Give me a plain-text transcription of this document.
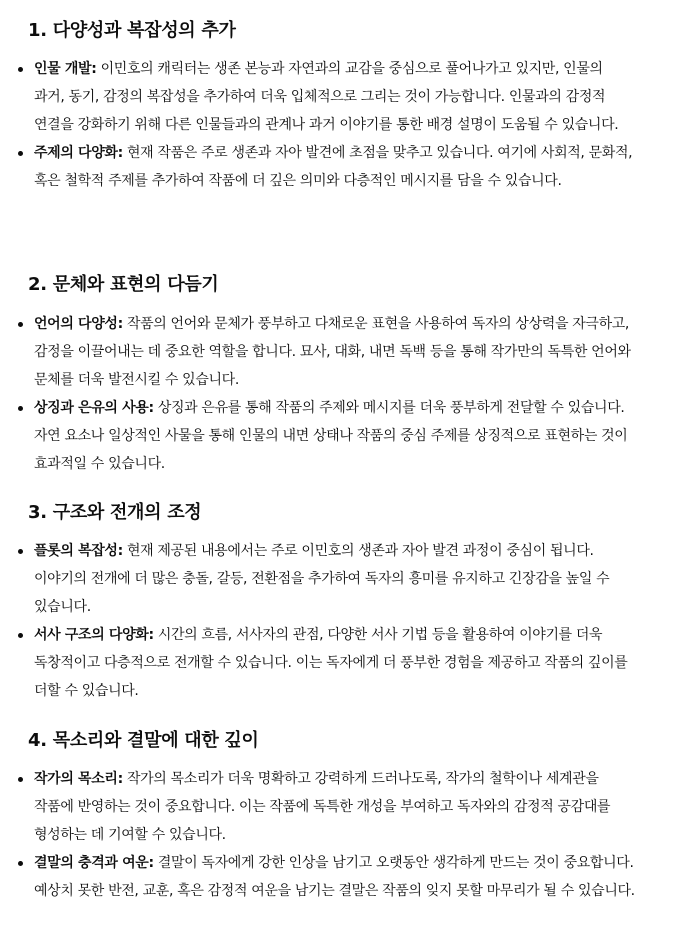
1. 다양성과 복잡성의 추가
인물 개발: 이민호의 캐릭터는 생존 본능과 자연과의 교감을 중심으로 풀어나가고 있지만, 인물의 과거, 동기, 감정의 복잡성을 추가하여 더욱 입체적으로 그리는 것이 가능합니다. 인물과의 감정적 연결을 강화하기 위해 다른 인물들과의 관계나 과거 이야기를 통한 배경 설명이 도움될 수 있습니다.
주제의 다양화: 현재 작품은 주로 생존과 자아 발견에 초점을 맞추고 있습니다. 여기에 사회적, 문화적, 혹은 철학적 주제를 추가하여 작품에 더 깊은 의미와 다층적인 메시지를 담을 수 있습니다.
2. 문체와 표현의 다듬기
언어의 다양성: 작품의 언어와 문체가 풍부하고 다채로운 표현을 사용하여 독자의 상상력을 자극하고, 감정을 이끌어내는 데 중요한 역할을 합니다. 묘사, 대화, 내면 독백 등을 통해 작가만의 독특한 언어와 문체를 더욱 발전시킬 수 있습니다.
상징과 은유의 사용: 상징과 은유를 통해 작품의 주제와 메시지를 더욱 풍부하게 전달할 수 있습니다. 자연 요소나 일상적인 사물을 통해 인물의 내면 상태나 작품의 중심 주제를 상징적으로 표현하는 것이 효과적일 수 있습니다.
3. 구조와 전개의 조정
플롯의 복잡성: 현재 제공된 내용에서는 주로 이민호의 생존과 자아 발견 과정이 중심이 됩니다. 이야기의 전개에 더 많은 충돌, 갈등, 전환점을 추가하여 독자의 흥미를 유지하고 긴장감을 높일 수 있습니다.
서사 구조의 다양화: 시간의 흐름, 서사자의 관점, 다양한 서사 기법 등을 활용하여 이야기를 더욱 독창적이고 다층적으로 전개할 수 있습니다. 이는 독자에게 더 풍부한 경험을 제공하고 작품의 깊이를 더할 수 있습니다.
4. 목소리와 결말에 대한 깊이
작가의 목소리: 작가의 목소리가 더욱 명확하고 강력하게 드러나도록, 작가의 철학이나 세계관을 작품에 반영하는 것이 중요합니다. 이는 작품에 독특한 개성을 부여하고 독자와의 감정적 공감대를 형성하는 데 기여할 수 있습니다.
결말의 충격과 여운: 결말이 독자에게 강한 인상을 남기고 오랫동안 생각하게 만드는 것이 중요합니다. 예상치 못한 반전, 교훈, 혹은 감정적 여운을 남기는 결말은 작품의 잊지 못할 마무리가 될 수 있습니다.
